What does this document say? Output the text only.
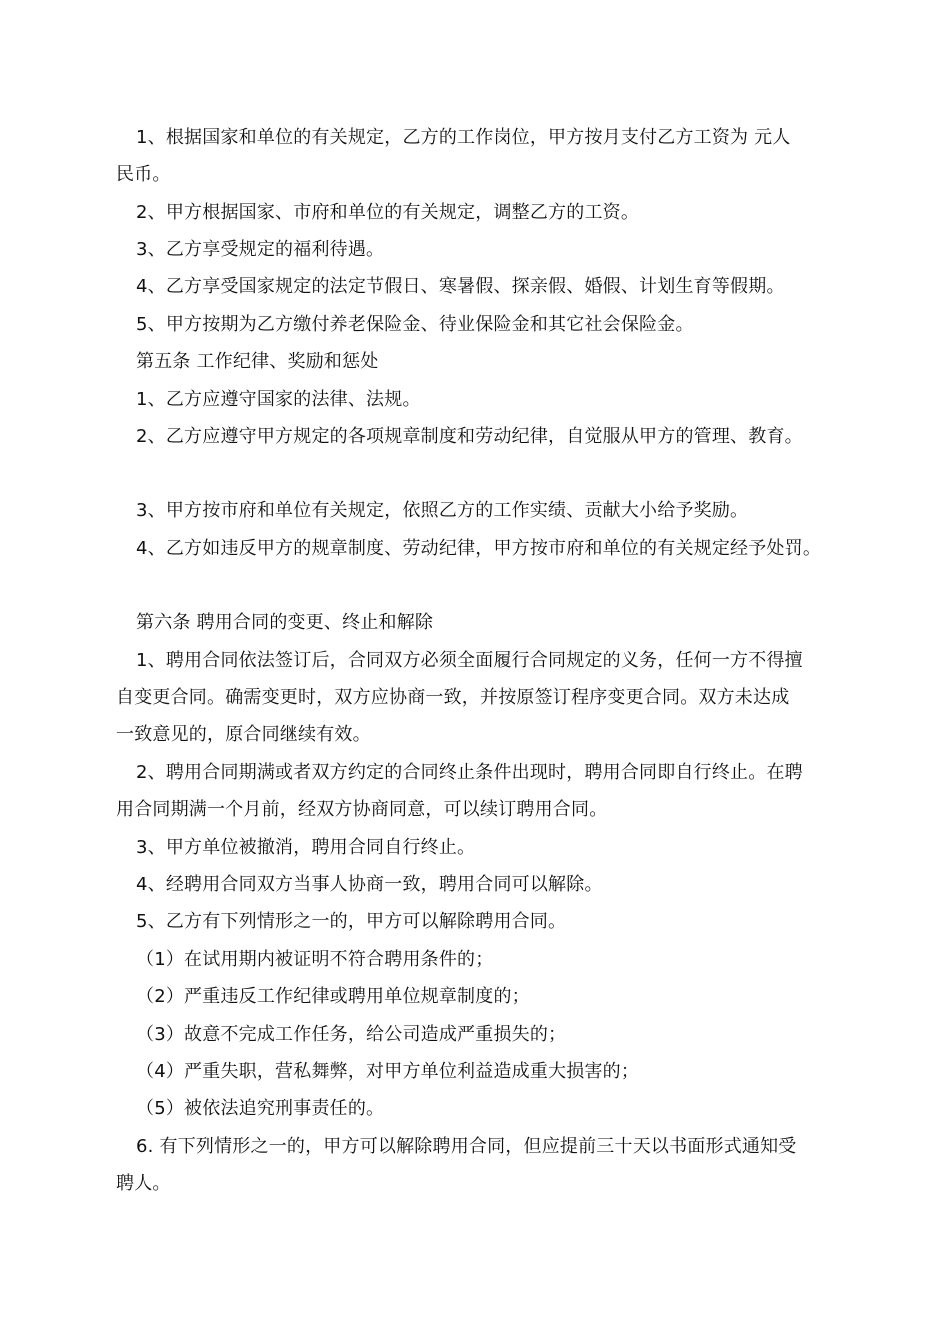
1、根据国家和单位的有关规定，乙方的工作岗位，甲方按月支付乙方工资为 元人
民币。
2、甲方根据国家、市府和单位的有关规定，调整乙方的工资。
3、乙方享受规定的福利待遇。
4、乙方享受国家规定的法定节假日、寒暑假、探亲假、婚假、计划生育等假期。
5、甲方按期为乙方缴付养老保险金、待业保险金和其它社会保险金。
第五条 工作纪律、奖励和惩处
1、乙方应遵守国家的法律、法规。
2、乙方应遵守甲方规定的各项规章制度和劳动纪律，自觉服从甲方的管理、教育。
3、甲方按市府和单位有关规定，依照乙方的工作实绩、贡献大小给予奖励。
4、乙方如违反甲方的规章制度、劳动纪律，甲方按市府和单位的有关规定经予处罚。
第六条 聘用合同的变更、终止和解除
1、聘用合同依法签订后，合同双方必须全面履行合同规定的义务，任何一方不得擅
自变更合同。确需变更时，双方应协商一致，并按原签订程序变更合同。双方未达成
一致意见的，原合同继续有效。
2、聘用合同期满或者双方约定的合同终止条件出现时，聘用合同即自行终止。在聘
用合同期满一个月前，经双方协商同意，可以续订聘用合同。
3、甲方单位被撤消，聘用合同自行终止。
4、经聘用合同双方当事人协商一致，聘用合同可以解除。
5、乙方有下列情形之一的，甲方可以解除聘用合同。
（1）在试用期内被证明不符合聘用条件的；
（2）严重违反工作纪律或聘用单位规章制度的；
（3）故意不完成工作任务，给公司造成严重损失的；
（4）严重失职，营私舞弊，对甲方单位利益造成重大损害的；
（5）被依法追究刑事责任的。
6. 有下列情形之一的，甲方可以解除聘用合同，但应提前三十天以书面形式通知受
聘人。
